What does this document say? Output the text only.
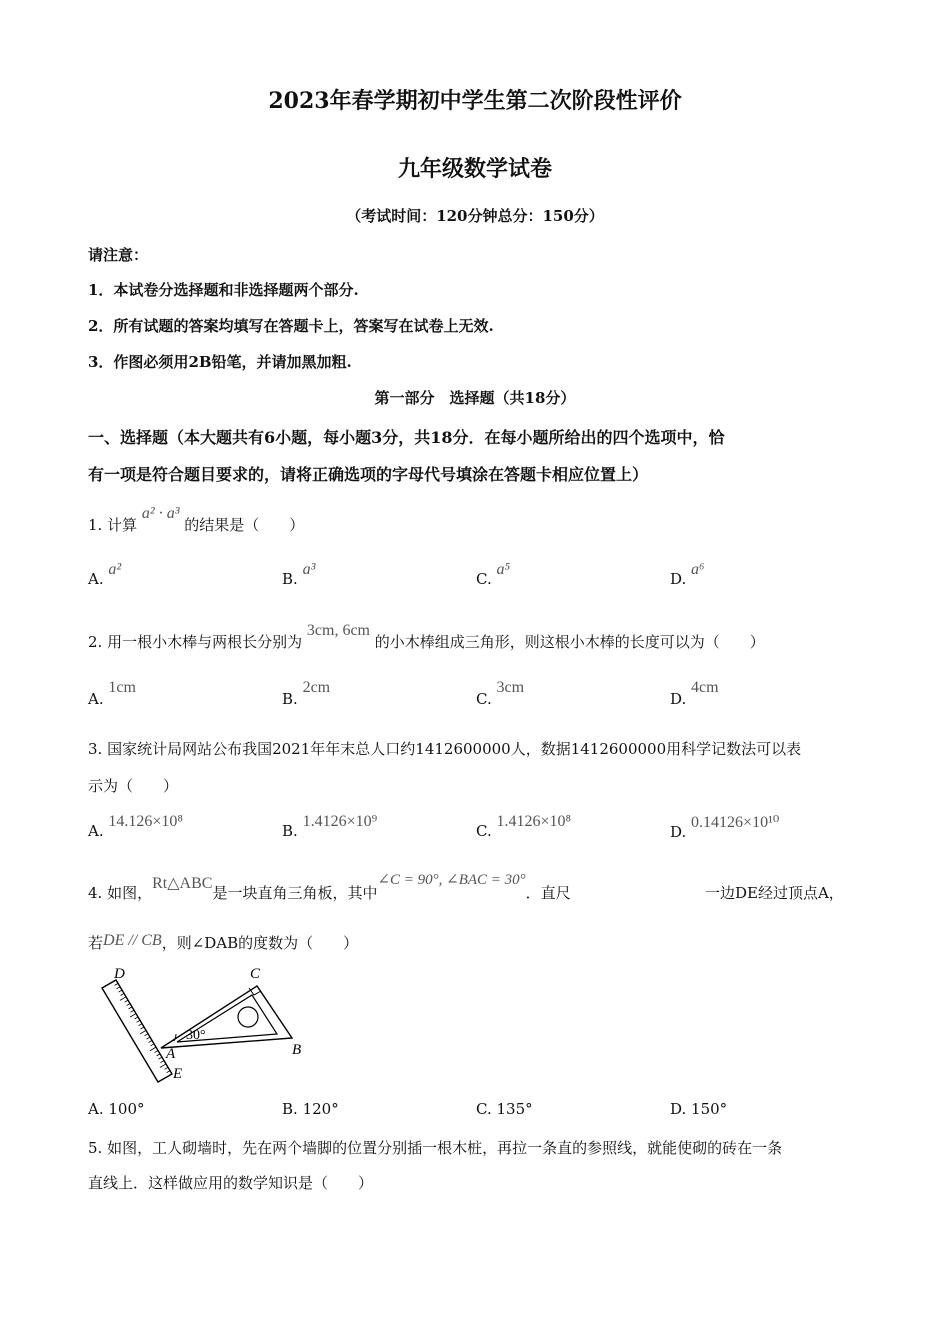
2023年春学期初中学生第二次阶段性评价
九年级数学试卷
（考试时间：120分钟总分：150分）
请注意：
1．本试卷分选择题和非选择题两个部分.
2．所有试题的答案均填写在答题卡上，答案写在试卷上无效.
3．作图必须用2B铅笔，并请加黑加粗.
第一部分　选择题（共18分）
一、选择题（本大题共有6小题，每小题3分，共18分．在每小题所给出的四个选项中，恰
有一项是符合题目要求的，请将正确选项的字母代号填涂在答题卡相应位置上）
1. 计算 a² · a³ 的结果是（　　）
A. a²
B. a³
C. a⁵
D. a⁶
2. 用一根小木棒与两根长分别为 3cm, 6cm 的小木棒组成三角形，则这根小木棒的长度可以为（　　）
A. 1cm
B. 2cm
C. 3cm
D. 4cm
3. 国家统计局网站公布我国2021年年末总人口约1412600000人，数据1412600000用科学记数法可以表
示为（　　）
A. 14.126×10⁸
B. 1.4126×10⁹
C. 1.4126×10⁸
D. 0.14126×10¹⁰
4. 如图，Rt△ABC是一块直角三角板，其中∠C = 90°, ∠BAC = 30°．直尺	一边DE经过顶点A，
若DE // CB，则∠DAB的度数为（　　）
D	C
A	B
E
30°
A. 100°	B. 120°	C. 135°	D. 150°
5. 如图，工人砌墙时，先在两个墙脚的位置分别插一根木桩，再拉一条直的参照线，就能使砌的砖在一条
直线上．这样做应用的数学知识是（　　）
